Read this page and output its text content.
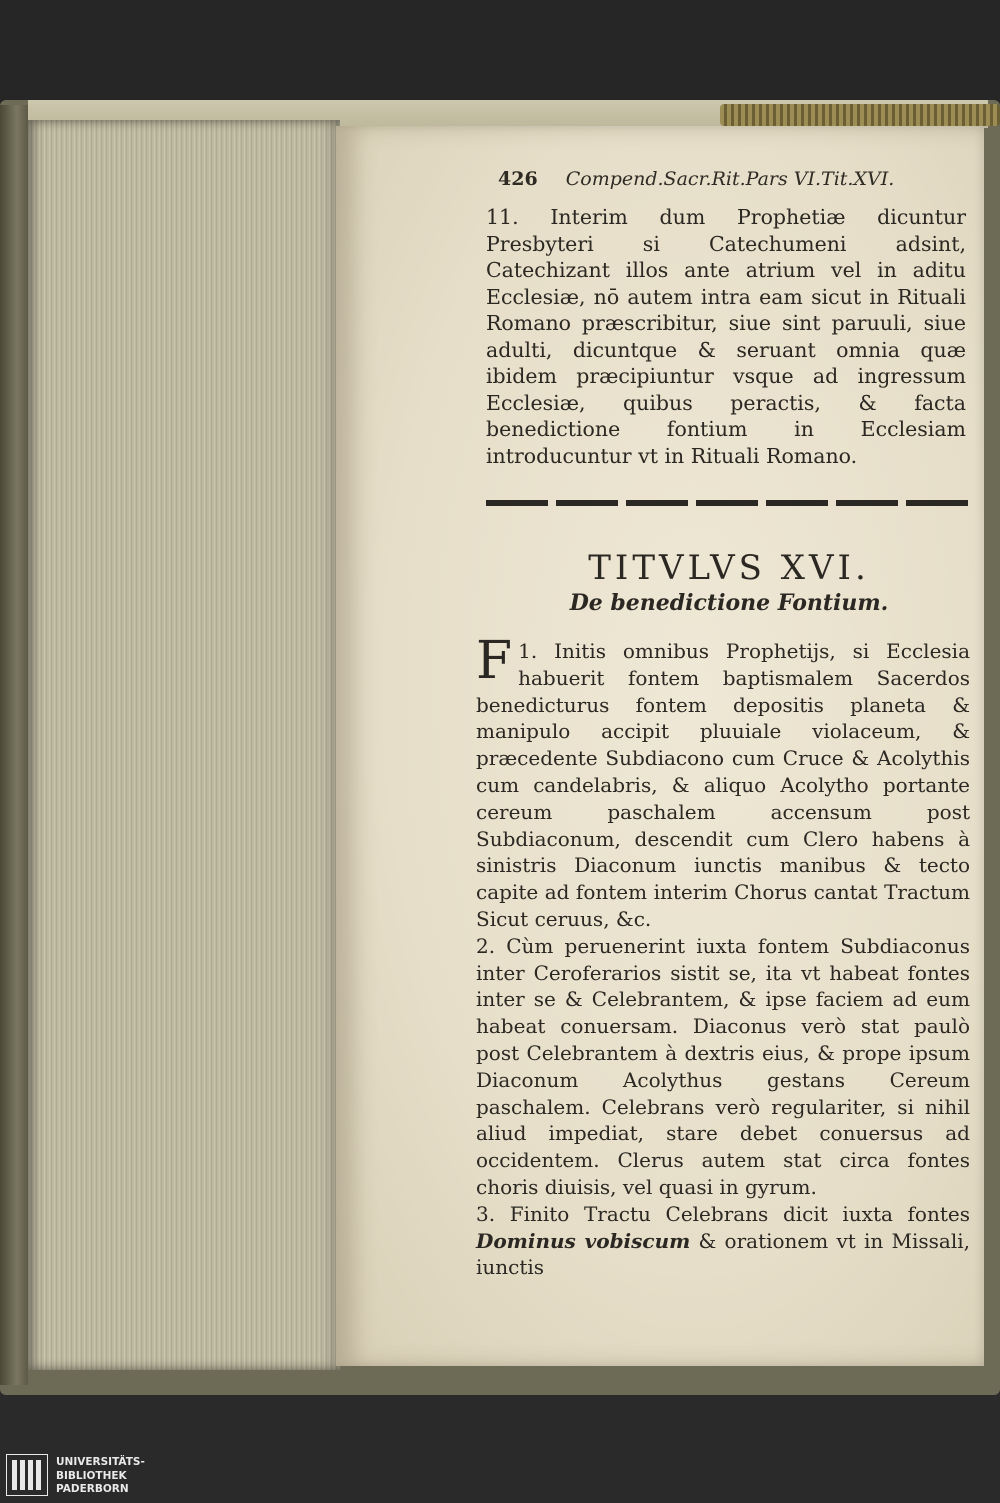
426 Compend.Sacr.Rit.Pars VI.Tit.XVI.

11. Interim dum Prophetiæ dicuntur Presbyteri si Catechumeni adsint, Catechizant illos ante atrium vel in aditu Ecclesiæ, nō autem intra eam sicut in Rituali Romano præscribitur, siue sint paruuli, siue adulti, dicuntque & seruant omnia quæ ibidem præcipiuntur vsque ad ingressum Ecclesiæ, quibus peractis, & facta benedictione fontium in Ecclesiam introducuntur vt in Rituali Romano.

TITVLVS XVI.
De benedictione Fontium.

1.
F Initis omnibus Prophetijs, si Ecclesia habuerit fontem baptismalem Sacerdos benedicturus fontem depositis planeta & manipulo accipit pluuiale violaceum, & præcedente Subdiacono cum Cruce & Acolythis cum candelabris, & aliquo Acolytho portante cereum paschalem accensum post Subdiaconum, descendit cum Clero habens à sinistris Diaconum iunctis manibus & tecto capite ad fontem interim Chorus cantat Tractum Sicut ceruus, &c.

2. Cùm peruenerint iuxta fontem Subdiaconus inter Ceroferarios sistit se, ita vt habeat fontes inter se & Celebrantem, & ipse faciem ad eum habeat conuersam. Diaconus verò stat paulò post Celebrantem à dextris eius, & prope ipsum Diaconum Acolythus gestans Cereum paschalem. Celebrans verò regulariter, si nihil aliud impediat, stare debet conuersus ad occidentem. Clerus autem stat circa fontes choris diuisis, vel quasi in gyrum.

3. Finito Tractu Celebrans dicit iuxta fontes Dominus vobiscum & orationem vt in Missali, iunctis

UNIVERSITÄTS-
BIBLIOTHEK
PADERBORN
